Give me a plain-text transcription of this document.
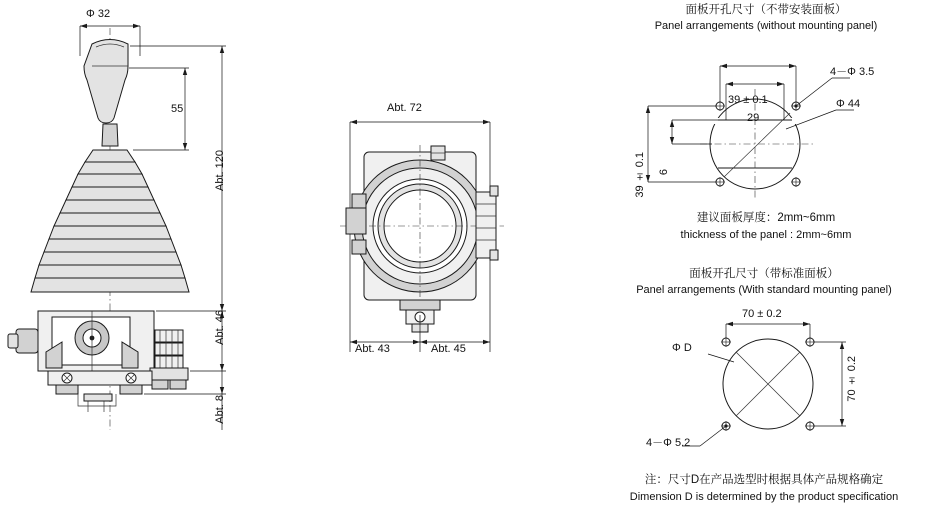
Φ 32
55
Abt. 120
Abt. 46
Abt. 8
Abt. 72
Abt. 43	Abt. 45
面板开孔尺寸（不带安装面板）
Panel arrangements (without mounting panel)
39 ± 0.1
29
39 ± 0.1 6
4－Φ 3.5
Φ 44
建议面板厚度：2mm~6mm
thickness of the panel : 2mm~6mm
面板开孔尺寸（带标准面板）
Panel arrangements (With standard mounting panel)
70 ± 0.2
70 ± 0.2
Φ D
4－Φ 5.2
注：尺寸D在产品选型时根据具体产品规格确定
Dimension D is determined by the product specification
